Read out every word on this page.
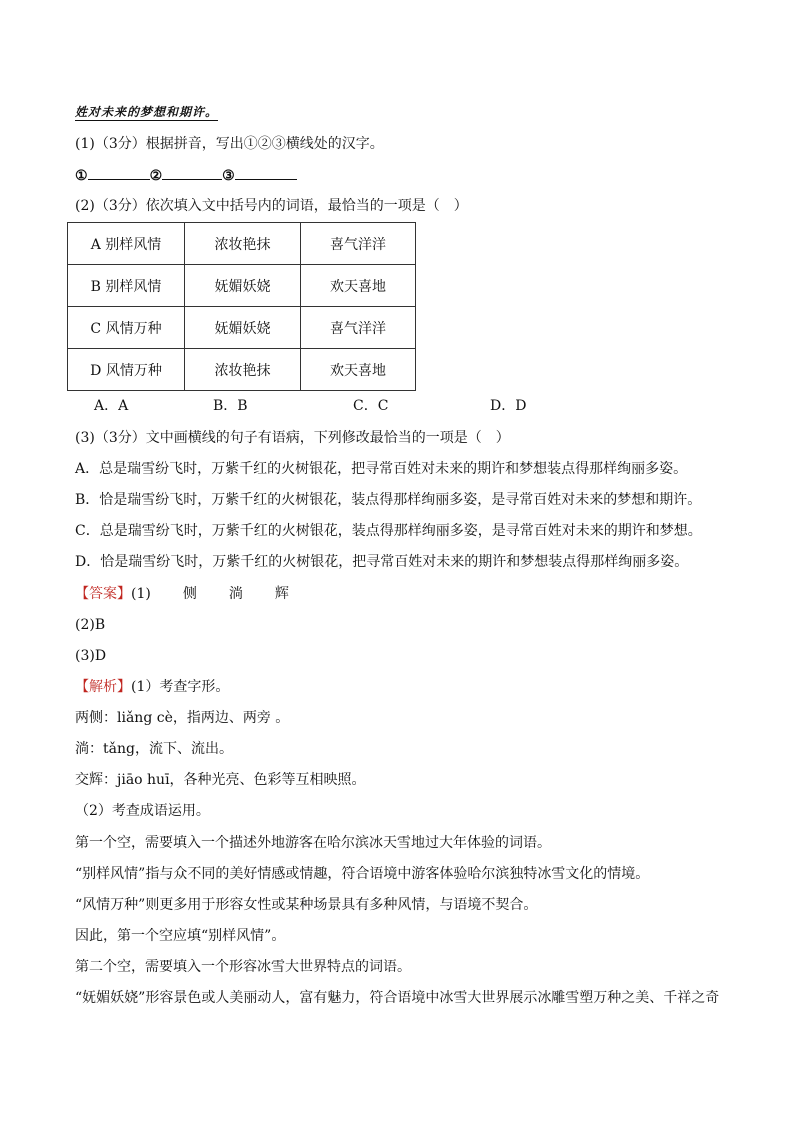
姓对未来的梦想和期许。
(1)（3分）根据拼音，写出①②③横线处的汉字。
①	②	③
(2)（3分）依次填入文中括号内的词语，最恰当的一项是（　）
A 别样风情	浓妆艳抹	喜气洋洋
B 别样风情	妩媚妖娆	欢天喜地
C 风情万种	妩媚妖娆	喜气洋洋
D 风情万种	浓妆艳抹	欢天喜地
A．A	B．B	C．C	D．D
(3)（3分）文中画横线的句子有语病，下列修改最恰当的一项是（　）
A．总是瑞雪纷飞时，万紫千红的火树银花，把寻常百姓对未来的期许和梦想装点得那样绚丽多姿。
B．恰是瑞雪纷飞时，万紫千红的火树银花，装点得那样绚丽多姿，是寻常百姓对未来的梦想和期许。
C．总是瑞雪纷飞时，万紫千红的火树银花，装点得那样绚丽多姿，是寻常百姓对未来的期许和梦想。
D．恰是瑞雪纷飞时，万紫千红的火树银花，把寻常百姓对未来的期许和梦想装点得那样绚丽多姿。
【答案】(1) 侧 淌 辉
(2)B
(3)D
【解析】(1）考查字形。
两侧：liǎng cè，指两边、两旁 。
淌：tǎng，流下、流出。
交辉：jiāo huī，各种光亮、色彩等互相映照。
（2）考查成语运用。
第一个空，需要填入一个描述外地游客在哈尔滨冰天雪地过大年体验的词语。
“别样风情”指与众不同的美好情感或情趣，符合语境中游客体验哈尔滨独特冰雪文化的情境。
“风情万种”则更多用于形容女性或某种场景具有多种风情，与语境不契合。
因此，第一个空应填“别样风情”。
第二个空，需要填入一个形容冰雪大世界特点的词语。
“妩媚妖娆”形容景色或人美丽动人，富有魅力，符合语境中冰雪大世界展示冰雕雪塑万种之美、千祥之奇
